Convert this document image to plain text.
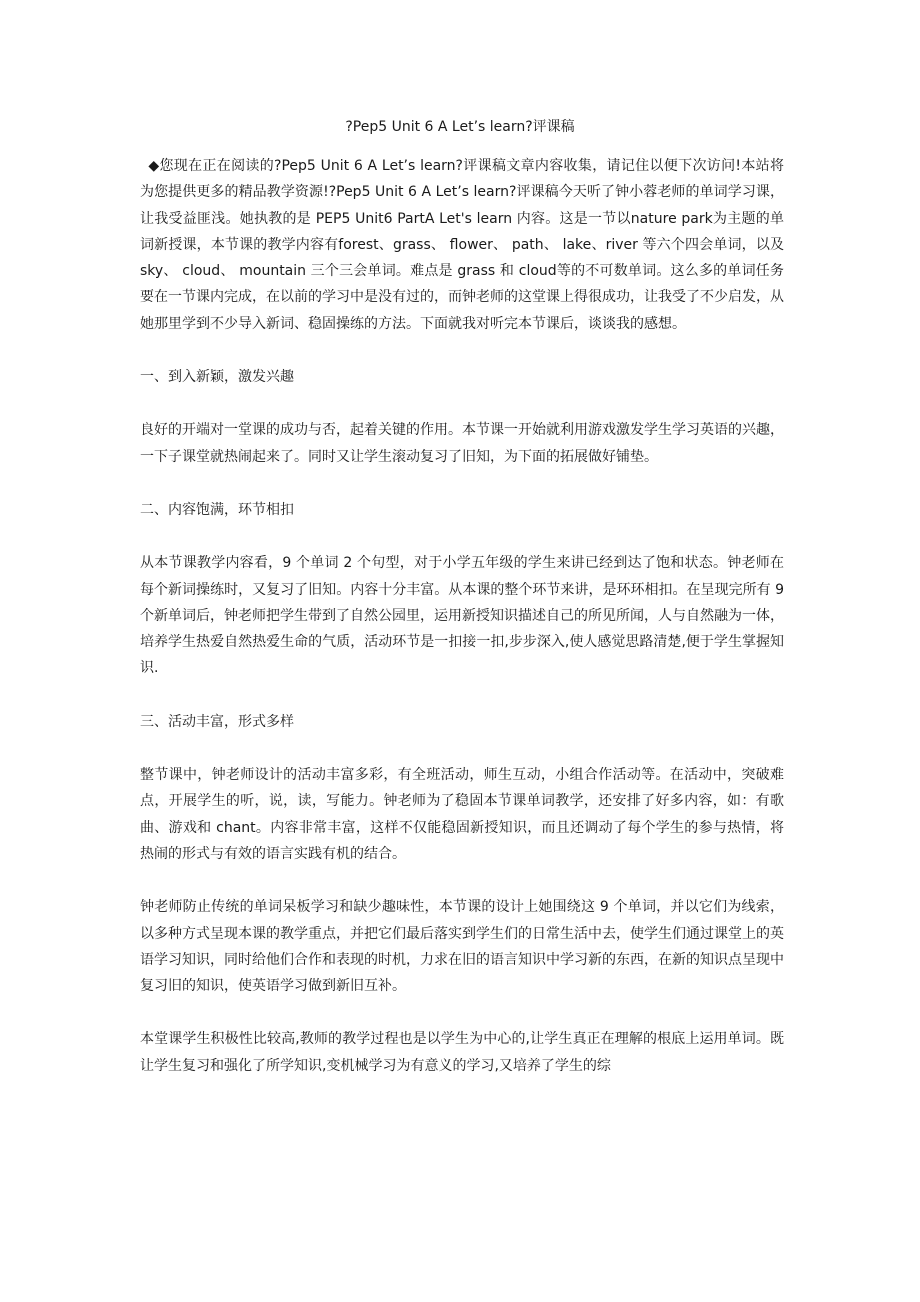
?Pep5 Unit 6 A Let’s learn?评课稿

◆您现在正在阅读的?Pep5 Unit 6 A Let’s learn?评课稿文章内容收集，请记住以便下次访问!本站将为您提供更多的精品教学资源!?Pep5 Unit 6 A Let’s learn?评课稿今天听了钟小蓉老师的单词学习课，让我受益匪浅。她执教的是 PEP5 Unit6 PartA Let's learn 内容。这是一节以nature park为主题的单词新授课，本节课的教学内容有forest、grass、 flower、 path、 lake、river 等六个四会单词，以及 sky、 cloud、 mountain 三个三会单词。难点是 grass 和 cloud等的不可数单词。这么多的单词任务要在一节课内完成，在以前的学习中是没有过的，而钟老师的这堂课上得很成功，让我受了不少启发，从她那里学到不少导入新词、稳固操练的方法。下面就我对听完本节课后，谈谈我的感想。

一、到入新颖，激发兴趣

良好的开端对一堂课的成功与否，起着关键的作用。本节课一开始就利用游戏激发学生学习英语的兴趣，一下子课堂就热闹起来了。同时又让学生滚动复习了旧知，为下面的拓展做好铺垫。

二、内容饱满，环节相扣

从本节课教学内容看，9 个单词 2 个句型，对于小学五年级的学生来讲已经到达了饱和状态。钟老师在每个新词操练时，又复习了旧知。内容十分丰富。从本课的整个环节来讲，是环环相扣。在呈现完所有 9 个新单词后，钟老师把学生带到了自然公园里，运用新授知识描述自己的所见所闻，人与自然融为一体，培养学生热爱自然热爱生命的气质，活动环节是一扣接一扣,步步深入,使人感觉思路清楚,便于学生掌握知识.

三、活动丰富，形式多样

整节课中，钟老师设计的活动丰富多彩，有全班活动，师生互动，小组合作活动等。在活动中，突破难点，开展学生的听，说，读，写能力。钟老师为了稳固本节课单词教学，还安排了好多内容，如：有歌曲、游戏和 chant。内容非常丰富，这样不仅能稳固新授知识，而且还调动了每个学生的参与热情，将热闹的形式与有效的语言实践有机的结合。

钟老师防止传统的单词呆板学习和缺少趣味性，本节课的设计上她围绕这 9 个单词，并以它们为线索，以多种方式呈现本课的教学重点，并把它们最后落实到学生们的日常生活中去，使学生们通过课堂上的英语学习知识，同时给他们合作和表现的时机，力求在旧的语言知识中学习新的东西，在新的知识点呈现中复习旧的知识，使英语学习做到新旧互补。

本堂课学生积极性比较高,教师的教学过程也是以学生为中心的,让学生真正在理解的根底上运用单词。既让学生复习和强化了所学知识,变机械学习为有意义的学习,又培养了学生的综
